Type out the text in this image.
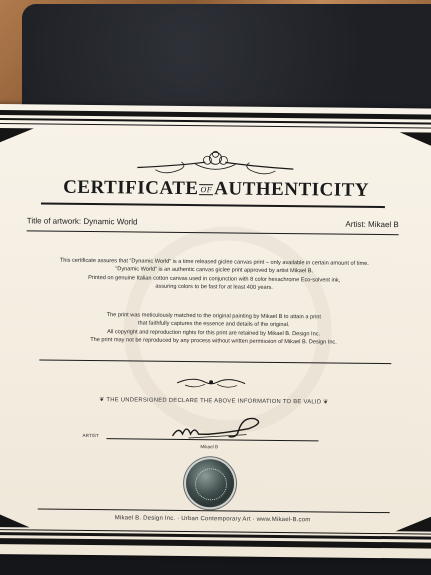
CERTIFICATE OFAUTHENTICITY
Title of artwork: Dynamic World	Artist: Mikael B
This certificate assures that “Dynamic World” is a time released giclee canvas print – only available in certain amount of time.
“Dynamic World” is an authentic canvas giclee print approved by artist Mikael B.
Printed on genuine Italian cotton canvas used in conjunction with 8 color hexachrome Eco-solvent ink,
assuring colors to be fast for at least 400 years.
The print was meticulously matched to the original painting by Mikael B to attain a print
that faithfully captures the essence and details of the original.
All copyright and reproduction rights for this print are retained by Mikael B. Design Inc.
The print may not be reproduced by any process without written permission of Mikael B. Design Inc.
❦ THE UNDERSIGNED DECLARE THE ABOVE INFORMATION TO BE VALID ❦
ARTIST
Mikael B
Mikael B. Design Inc. · Urban Contemporary Art · www.Mikael-B.com
